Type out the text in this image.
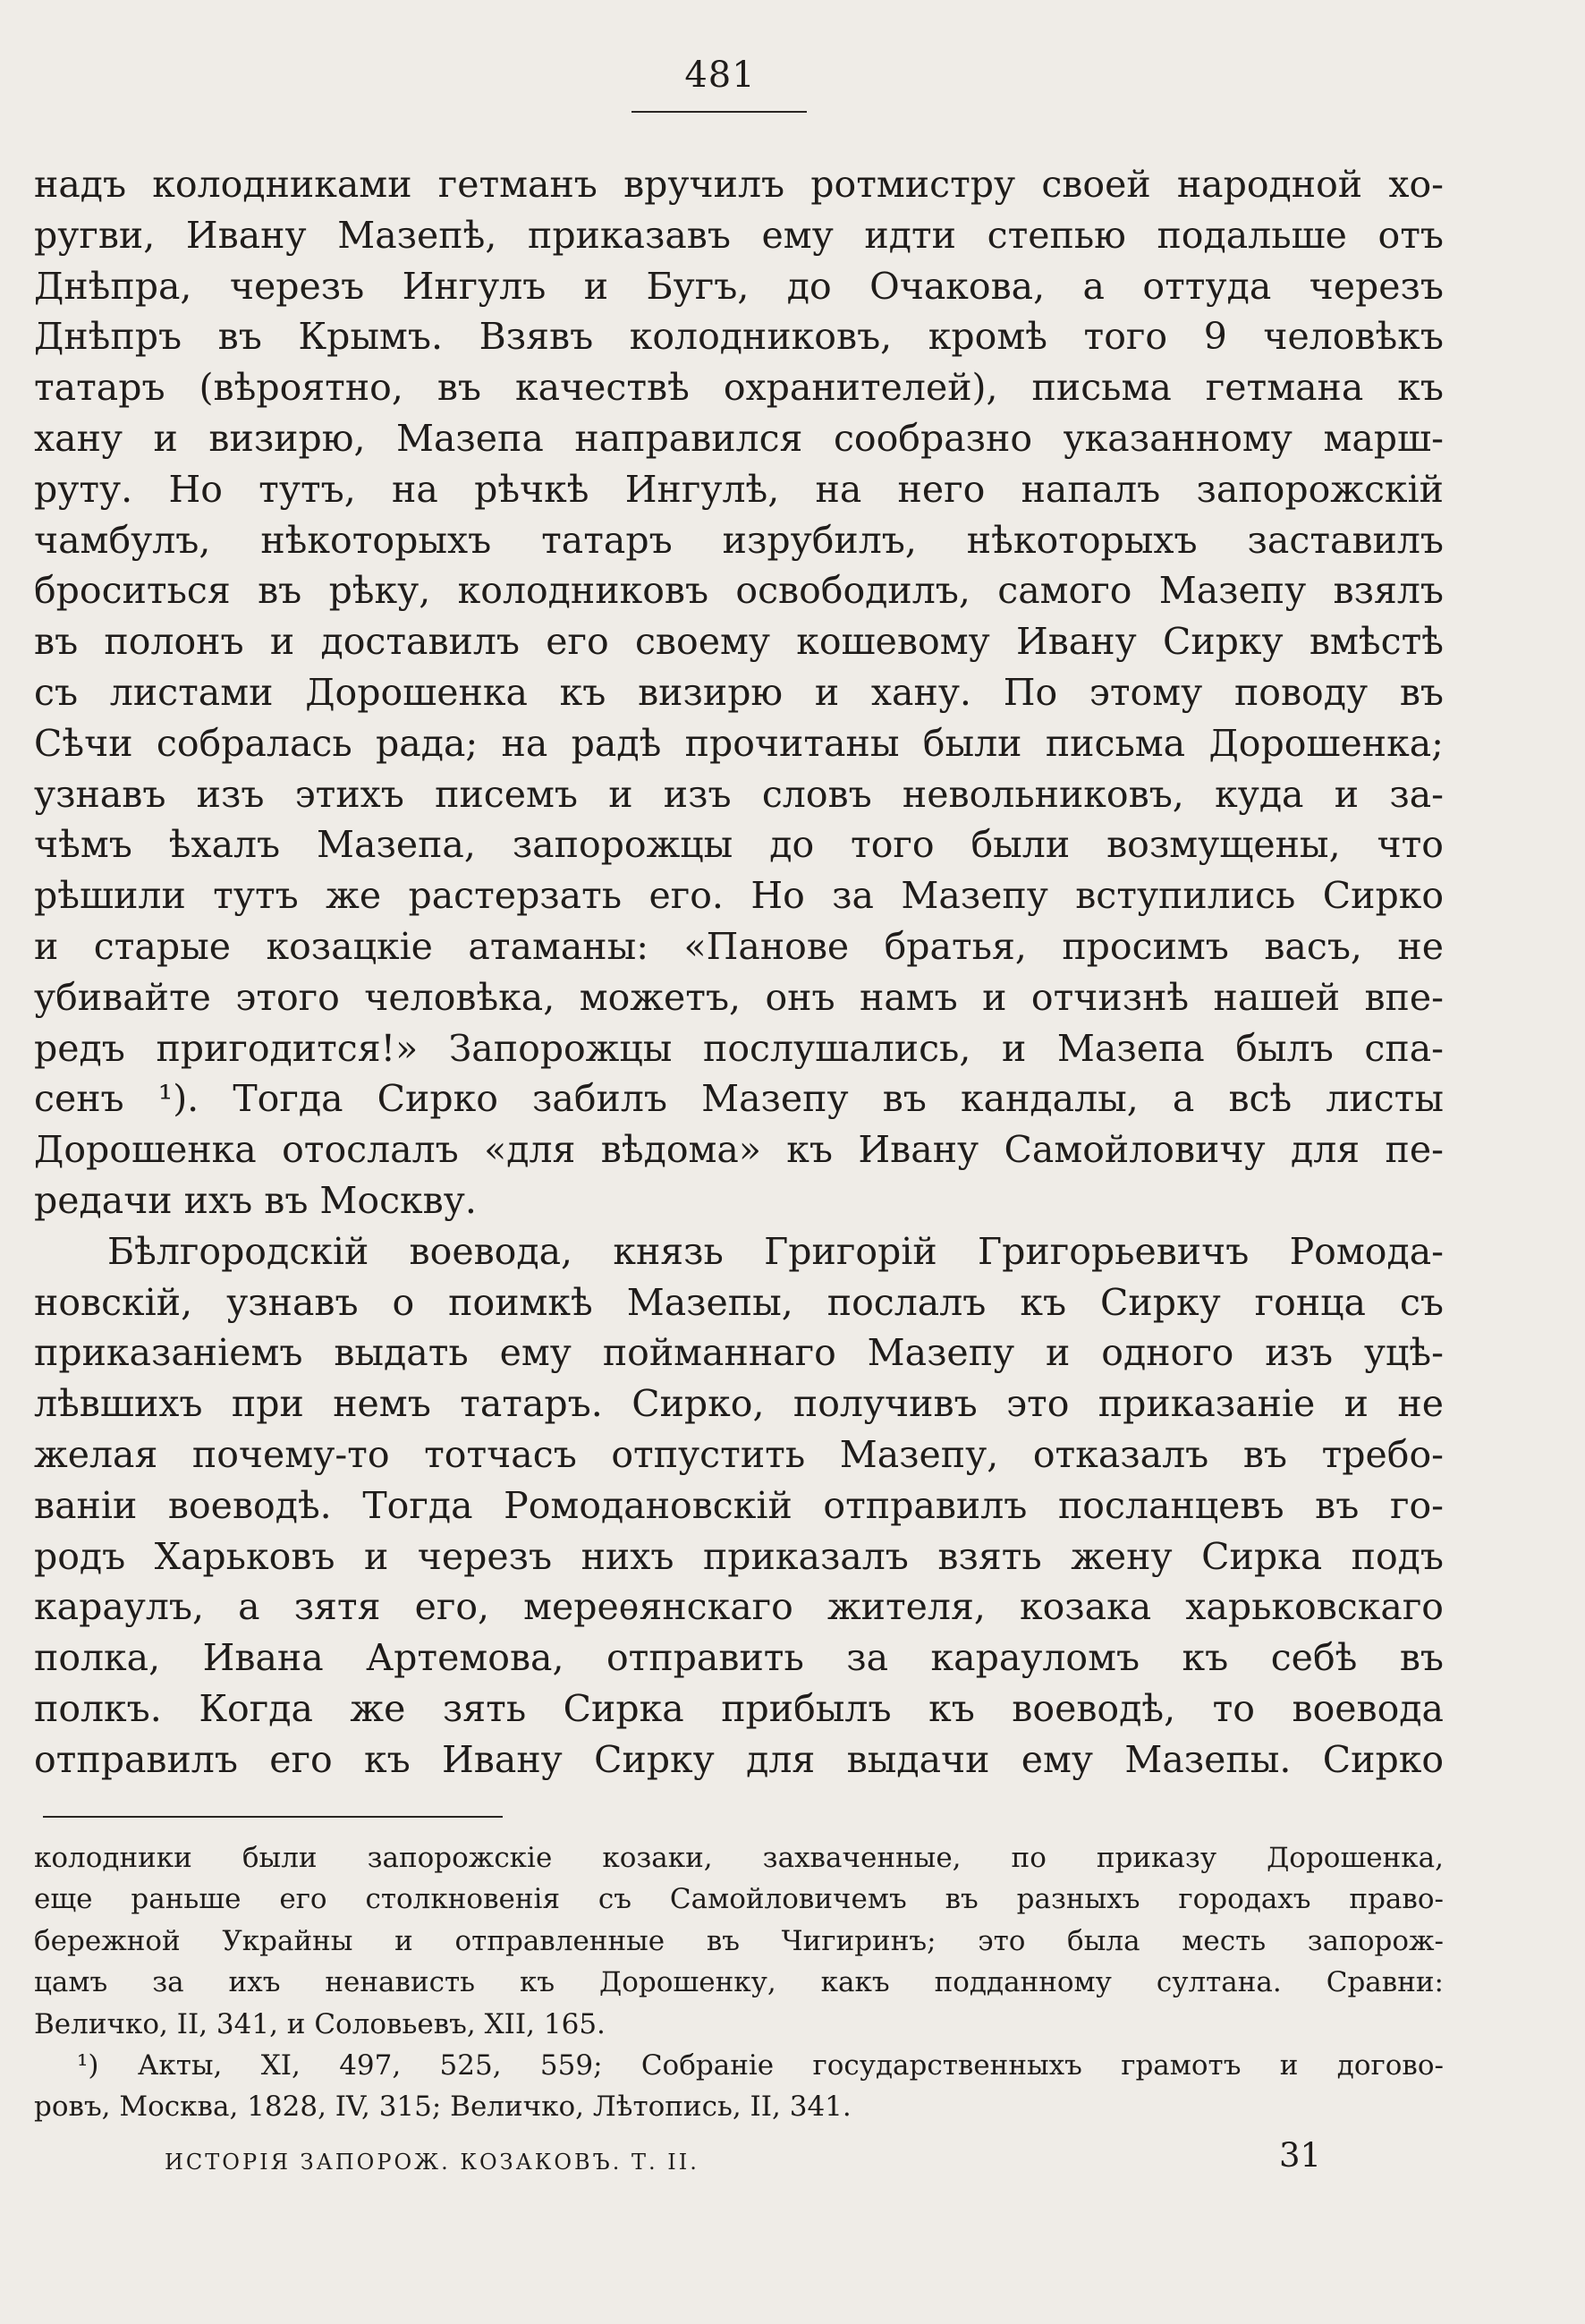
481
надъ колодниками гетманъ вручилъ ротмистру своей народной хо-
ругви, Ивану Мазепѣ, приказавъ ему идти степью подальше отъ
Днѣпра, черезъ Ингулъ и Бугъ, до Очакова, а оттуда черезъ
Днѣпръ въ Крымъ. Взявъ колодниковъ, кромѣ того 9 человѣкъ
татаръ (вѣроятно, въ качествѣ охранителей), письма гетмана къ
хану и визирю, Мазепа направился сообразно указанному марш-
руту. Но тутъ, на рѣчкѣ Ингулѣ, на него напалъ запорожскій
чамбулъ, нѣкоторыхъ татаръ изрубилъ, нѣкоторыхъ заставилъ
броситься въ рѣку, колодниковъ освободилъ, самого Мазепу взялъ
въ полонъ и доставилъ его своему кошевому Ивану Сирку вмѣстѣ
съ листами Дорошенка къ визирю и хану. По этому поводу въ
Сѣчи собралась рада; на радѣ прочитаны были письма Дорошенка;
узнавъ изъ этихъ писемъ и изъ словъ невольниковъ, куда и за-
чѣмъ ѣхалъ Мазепа, запорожцы до того были возмущены, что
рѣшили тутъ же растерзать его. Но за Мазепу вступились Сирко
и старые козацкіе атаманы: «Панове братья, просимъ васъ, не
убивайте этого человѣка, можетъ, онъ намъ и отчизнѣ нашей впе-
редъ пригодится!» Запорожцы послушались, и Мазепа былъ спа-
сенъ ¹). Тогда Сирко забилъ Мазепу въ кандалы, а всѣ листы
Дорошенка отослалъ «для вѣдома» къ Ивану Самойловичу для пе-
редачи ихъ въ Москву.
Бѣлгородскій воевода, князь Григорій Григорьевичъ Ромода-
новскій, узнавъ о поимкѣ Мазепы, послалъ къ Сирку гонца съ
приказаніемъ выдать ему пойманнаго Мазепу и одного изъ уцѣ-
лѣвшихъ при немъ татаръ. Сирко, получивъ это приказаніе и не
желая почему-то тотчасъ отпустить Мазепу, отказалъ въ требо-
ваніи воеводѣ. Тогда Ромодановскій отправилъ посланцевъ въ го-
родъ Харьковъ и черезъ нихъ приказалъ взять жену Сирка подъ
караулъ, а зятя его, мереѳянскаго жителя, козака харьковскаго
полка, Ивана Артемова, отправить за карауломъ къ себѣ въ
полкъ. Когда же зять Сирка прибылъ къ воеводѣ, то воевода
отправилъ его къ Ивану Сирку для выдачи ему Мазепы. Сирко
колодники были запорожскіе козаки, захваченные, по приказу Дорошенка,
еще раньше его столкновенія съ Самойловичемъ въ разныхъ городахъ право-
бережной Украйны и отправленные въ Чигиринъ; это была месть запорож-
цамъ за ихъ ненависть къ Дорошенку, какъ подданному султана. Сравни:
Величко, II, 341, и Соловьевъ, XII, 165.
¹) Акты, XI, 497, 525, 559; Собраніе государственныхъ грамотъ и догово-
ровъ, Москва, 1828, IV, 315; Величко, Лѣтопись, II, 341.
ИСТОРІЯ ЗАПОРОЖ. КОЗАКОВЪ. Т. II.	31
